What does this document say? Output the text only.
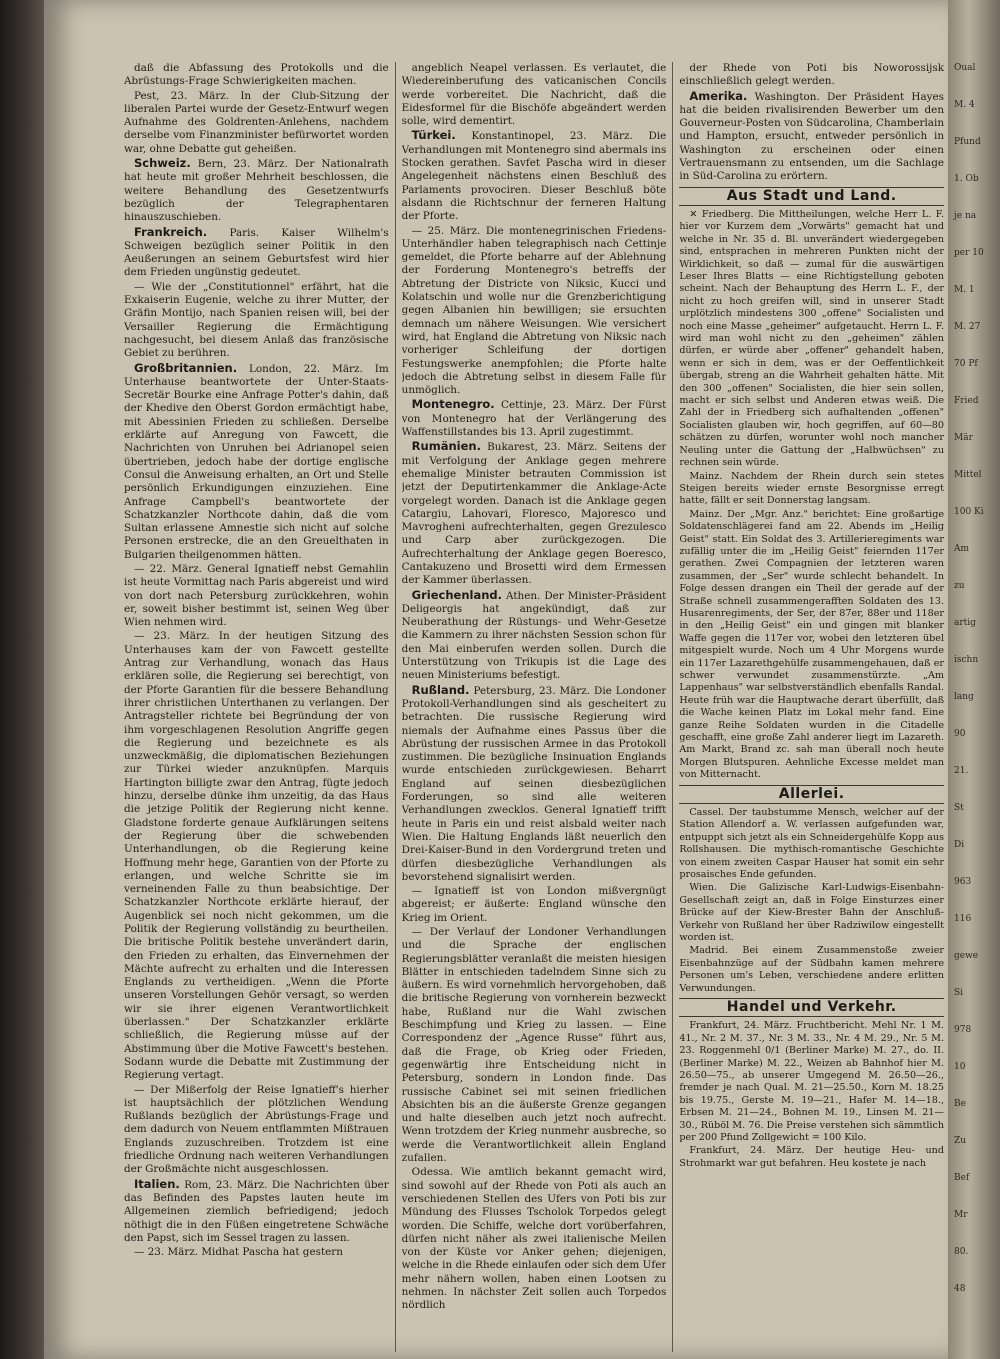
daß die Abfassung des Protokolls und die Abrüstungs-Frage Schwierigkeiten machen.

Pest, 23. März. In der Club-Sitzung der liberalen Partei wurde der Gesetz-Entwurf wegen Aufnahme des Goldrenten-Anlehens, nachdem derselbe vom Finanzminister befürwortet worden war, ohne Debatte gut geheißen.

Schweiz. Bern, 23. März. Der Nationalrath hat heute mit großer Mehrheit beschlossen, die weitere Behandlung des Gesetzentwurfs bezüglich der Telegraphentaren hinauszuschieben.

Frankreich. Paris. Kaiser Wilhelm's Schweigen bezüglich seiner Politik in den Aeußerungen an seinem Geburtsfest wird hier dem Frieden ungünstig gedeutet.

— Wie der „Constitutionnel" erfährt, hat die Exkaiserin Eugenie, welche zu ihrer Mutter, der Gräfin Montijo, nach Spanien reisen will, bei der Versailler Regierung die Ermächtigung nachgesucht, bei diesem Anlaß das französische Gebiet zu berühren.

Großbritannien. London, 22. März. Im Unterhause beantwortete der Unter-Staats-Secretär Bourke eine Anfrage Potter's dahin, daß der Khedive den Oberst Gordon ermächtigt habe, mit Abessinien Frieden zu schließen. Derselbe erklärte auf Anregung von Fawcett, die Nachrichten von Unruhen bei Adrianopel seien übertrieben, jedoch habe der dortige englische Consul die Anweisung erhalten, an Ort und Stelle persönlich Erkundigungen einzuziehen. Eine Anfrage Campbell's beantwortete der Schatzkanzler Northcote dahin, daß die vom Sultan erlassene Amnestie sich nicht auf solche Personen erstrecke, die an den Greuelthaten in Bulgarien theilgenommen hätten.

— 22. März. General Ignatieff nebst Gemahlin ist heute Vormittag nach Paris abgereist und wird von dort nach Petersburg zurückkehren, wohin er, soweit bisher bestimmt ist, seinen Weg über Wien nehmen wird.

— 23. März. In der heutigen Sitzung des Unterhauses kam der von Fawcett gestellte Antrag zur Verhandlung, wonach das Haus erklären solle, die Regierung sei berechtigt, von der Pforte Garantien für die bessere Behandlung ihrer christlichen Unterthanen zu verlangen. Der Antragsteller richtete bei Begründung der von ihm vorgeschlagenen Resolution Angriffe gegen die Regierung und bezeichnete es als unzweckmäßig, die diplomatischen Beziehungen zur Türkei wieder anzuknüpfen. Marquis Hartington billigte zwar den Antrag, fügte jedoch hinzu, derselbe dünke ihm unzeitig, da das Haus die jetzige Politik der Regierung nicht kenne. Gladstone forderte genaue Aufklärungen seitens der Regierung über die schwebenden Unterhandlungen, ob die Regierung keine Hoffnung mehr hege, Garantien von der Pforte zu erlangen, und welche Schritte sie im verneinenden Falle zu thun beabsichtige. Der Schatzkanzler Northcote erklärte hierauf, der Augenblick sei noch nicht gekommen, um die Politik der Regierung vollständig zu beurtheilen. Die britische Politik bestehe unverändert darin, den Frieden zu erhalten, das Einvernehmen der Mächte aufrecht zu erhalten und die Interessen Englands zu vertheidigen. „Wenn die Pforte unseren Vorstellungen Gehör versagt, so werden wir sie ihrer eigenen Verantwortlichkeit überlassen." Der Schatzkanzler erklärte schließlich, die Regierung müsse auf der Abstimmung über die Motive Fawcett's bestehen. Sodann wurde die Debatte mit Zustimmung der Regierung vertagt.

— Der Mißerfolg der Reise Ignatieff's hierher ist hauptsächlich der plötzlichen Wendung Rußlands bezüglich der Abrüstungs-Frage und dem dadurch von Neuem entflammten Mißtrauen Englands zuzuschreiben. Trotzdem ist eine friedliche Ordnung nach weiteren Verhandlungen der Großmächte nicht ausgeschlossen.

Italien. Rom, 23. März. Die Nachrichten über das Befinden des Papstes lauten heute im Allgemeinen ziemlich befriedigend; jedoch nöthigt die in den Füßen eingetretene Schwäche den Papst, sich im Sessel tragen zu lassen.

— 23. März. Midhat Pascha hat gestern

angeblich Neapel verlassen. Es verlautet, die Wiedereinberufung des vaticanischen Concils werde vorbereitet. Die Nachricht, daß die Eidesformel für die Bischöfe abgeändert werden solle, wird dementirt.

Türkei. Konstantinopel, 23. März. Die Verhandlungen mit Montenegro sind abermals ins Stocken gerathen. Savfet Pascha wird in dieser Angelegenheit nächstens einen Beschluß des Parlaments provociren. Dieser Beschluß böte alsdann die Richtschnur der ferneren Haltung der Pforte.

— 25. März. Die montenegrinischen Friedens-Unterhändler haben telegraphisch nach Cettinje gemeldet, die Pforte beharre auf der Ablehnung der Forderung Montenegro's betreffs der Abtretung der Districte von Niksic, Kucci und Kolatschin und wolle nur die Grenzberichtigung gegen Albanien hin bewilligen; sie ersuchten demnach um nähere Weisungen. Wie versichert wird, hat England die Abtretung von Niksic nach vorheriger Schleifung der dortigen Festungswerke anempfohlen; die Pforte halte jedoch die Abtretung selbst in diesem Falle für unmöglich.

Montenegro. Cettinje, 23. März. Der Fürst von Montenegro hat der Verlängerung des Waffenstillstandes bis 13. April zugestimmt.

Rumänien. Bukarest, 23. März. Seitens der mit Verfolgung der Anklage gegen mehrere ehemalige Minister betrauten Commission ist jetzt der Deputirtenkammer die Anklage-Acte vorgelegt worden. Danach ist die Anklage gegen Catargiu, Lahovari, Floresco, Majoresco und Mavrogheni aufrechterhalten, gegen Grezulesco und Carp aber zurückgezogen. Die Aufrechterhaltung der Anklage gegen Boeresco, Cantakuzeno und Brosetti wird dem Ermessen der Kammer überlassen.

Griechenland. Athen. Der Minister-Präsident Deligeorgis hat angekündigt, daß zur Neuberathung der Rüstungs- und Wehr-Gesetze die Kammern zu ihrer nächsten Session schon für den Mai einberufen werden sollen. Durch die Unterstützung von Trikupis ist die Lage des neuen Ministeriums befestigt.

Rußland. Petersburg, 23. März. Die Londoner Protokoll-Verhandlungen sind als gescheitert zu betrachten. Die russische Regierung wird niemals der Aufnahme eines Passus über die Abrüstung der russischen Armee in das Protokoll zustimmen. Die bezügliche Insinuation Englands wurde entschieden zurückgewiesen. Beharrt England auf seinen diesbezüglichen Forderungen, so sind alle weiteren Verhandlungen zwecklos. General Ignatieff trifft heute in Paris ein und reist alsbald weiter nach Wien. Die Haltung Englands läßt neuerlich den Drei-Kaiser-Bund in den Vordergrund treten und dürfen diesbezügliche Verhandlungen als bevorstehend signalisirt werden.

— Ignatieff ist von London mißvergnügt abgereist; er äußerte: England wünsche den Krieg im Orient.

— Der Verlauf der Londoner Verhandlungen und die Sprache der englischen Regierungsblätter veranlaßt die meisten hiesigen Blätter in entschieden tadelndem Sinne sich zu äußern. Es wird vornehmlich hervorgehoben, daß die britische Regierung von vornherein bezweckt habe, Rußland nur die Wahl zwischen Beschimpfung und Krieg zu lassen. — Eine Correspondenz der „Agence Russe" führt aus, daß die Frage, ob Krieg oder Frieden, gegenwärtig ihre Entscheidung nicht in Petersburg, sondern in London finde. Das russische Cabinet sei mit seinen friedlichen Absichten bis an die äußerste Grenze gegangen und halte dieselben auch jetzt noch aufrecht. Wenn trotzdem der Krieg nunmehr ausbreche, so werde die Verantwortlichkeit allein England zufallen.

Odessa. Wie amtlich bekannt gemacht wird, sind sowohl auf der Rhede von Poti als auch an verschiedenen Stellen des Ufers von Poti bis zur Mündung des Flusses Tscholok Torpedos gelegt worden. Die Schiffe, welche dort vorüberfahren, dürfen nicht näher als zwei italienische Meilen von der Küste vor Anker gehen; diejenigen, welche in die Rhede einlaufen oder sich dem Ufer mehr nähern wollen, haben einen Lootsen zu nehmen. In nächster Zeit sollen auch Torpedos nördlich

der Rhede von Poti bis Noworossijsk einschließlich gelegt werden.

Amerika. Washington. Der Präsident Hayes hat die beiden rivalisirenden Bewerber um den Gouverneur-Posten von Südcarolina, Chamberlain und Hampton, ersucht, entweder persönlich in Washington zu erscheinen oder einen Vertrauensmann zu entsenden, um die Sachlage in Süd-Carolina zu erörtern.

Aus Stadt und Land.

✕ Friedberg. Die Mittheilungen, welche Herr L. F. hier vor Kurzem dem „Vorwärts" gemacht hat und welche in Nr. 35 d. Bl. unverändert wiedergegeben sind, entsprachen in mehreren Punkten nicht der Wirklichkeit, so daß — zumal für die auswärtigen Leser Ihres Blatts — eine Richtigstellung geboten scheint. Nach der Behauptung des Herrn L. F., der nicht zu hoch greifen will, sind in unserer Stadt urplötzlich mindestens 300 „offene" Socialisten und noch eine Masse „geheimer" aufgetaucht. Herrn L. F. wird man wohl nicht zu den „geheimen" zählen dürfen, er würde aber „offener" gehandelt haben, wenn er sich in dem, was er der Oeffentlichkeit übergab, streng an die Wahrheit gehalten hätte. Mit den 300 „offenen" Socialisten, die hier sein sollen, macht er sich selbst und Anderen etwas weiß. Die Zahl der in Friedberg sich aufhaltenden „offenen" Socialisten glauben wir, hoch gegriffen, auf 60—80 schätzen zu dürfen, worunter wohl noch mancher Neuling unter die Gattung der „Halbwüchsen" zu rechnen sein würde.

Mainz. Nachdem der Rhein durch sein stetes Steigen bereits wieder ernste Besorgnisse erregt hatte, fällt er seit Donnerstag langsam.

Mainz. Der „Mgr. Anz." berichtet: Eine großartige Soldatenschlägerei fand am 22. Abends im „Heilig Geist" statt. Ein Soldat des 3. Artillerieregiments war zufällig unter die im „Heilig Geist" feiernden 117er gerathen. Zwei Compagnien der letzteren waren zusammen, der „Ser" wurde schlecht behandelt. In Folge dessen drangen ein Theil der gerade auf der Straße schnell zusammengerafften Soldaten des 13. Husarenregiments, der Ser, der 87er, 88er und 118er in den „Heilig Geist" ein und gingen mit blanker Waffe gegen die 117er vor, wobei den letzteren übel mitgespielt wurde. Noch um 4 Uhr Morgens wurde ein 117er Lazarethgehülfe zusammengehauen, daß er schwer verwundet zusammenstürzte. „Am Lappenhaus" war selbstverständlich ebenfalls Randal. Heute früh war die Hauptwache derart überfüllt, daß die Wache keinen Platz im Lokal mehr fand. Eine ganze Reihe Soldaten wurden in die Citadelle geschafft, eine große Zahl anderer liegt im Lazareth. Am Markt, Brand zc. sah man überall noch heute Morgen Blutspuren. Aehnliche Excesse meldet man von Mitternacht.

Allerlei.

Cassel. Der taubstumme Mensch, welcher auf der Station Allendorf a. W. verlassen aufgefunden war, entpuppt sich jetzt als ein Schneidergehülfe Kopp aus Rollshausen. Die mythisch-romantische Geschichte von einem zweiten Caspar Hauser hat somit ein sehr prosaisches Ende gefunden.

Wien. Die Galizische Karl-Ludwigs-Eisenbahn-Gesellschaft zeigt an, daß in Folge Einsturzes einer Brücke auf der Kiew-Brester Bahn der Anschluß-Verkehr von Rußland her über Radziwilow eingestellt worden ist.

Madrid. Bei einem Zusammenstoße zweier Eisenbahnzüge auf der Südbahn kamen mehrere Personen um's Leben, verschiedene andere erlitten Verwundungen.

Handel und Verkehr.

Frankfurt, 24. März. Fruchtbericht. Mehl Nr. 1 M. 41., Nr. 2 M. 37., Nr. 3 M. 33., Nr. 4 M. 29., Nr. 5 M. 23. Roggenmehl 0/1 (Berliner Marke) M. 27., do. II. (Berliner Marke) M. 22., Weizen ab Bahnhof hier M. 26.50—75., ab unserer Umgegend M. 26.50—26., fremder je nach Qual. M. 21—25.50., Korn M. 18.25 bis 19.75., Gerste M. 19—21., Hafer M. 14—18., Erbsen M. 21—24., Bohnen M. 19., Linsen M. 21—30., Rüböl M. 76. Die Preise verstehen sich sämmtlich per 200 Pfund Zollgewicht = 100 Kilo.

Frankfurt, 24. März. Der heutige Heu- und Strohmarkt war gut befahren. Heu kostete je nach

Oual
M. 4
Pfund
1. Ob
je na
per 10
M. 1
M. 27
70 Pf
Fried
Mär
Mittel
100 Ki
Am
zu
artig
ischn
lang
90
21.
St
Di
963
116
gewe
Si
978
10
Be
Zu
Bef
Mr
80.
48
